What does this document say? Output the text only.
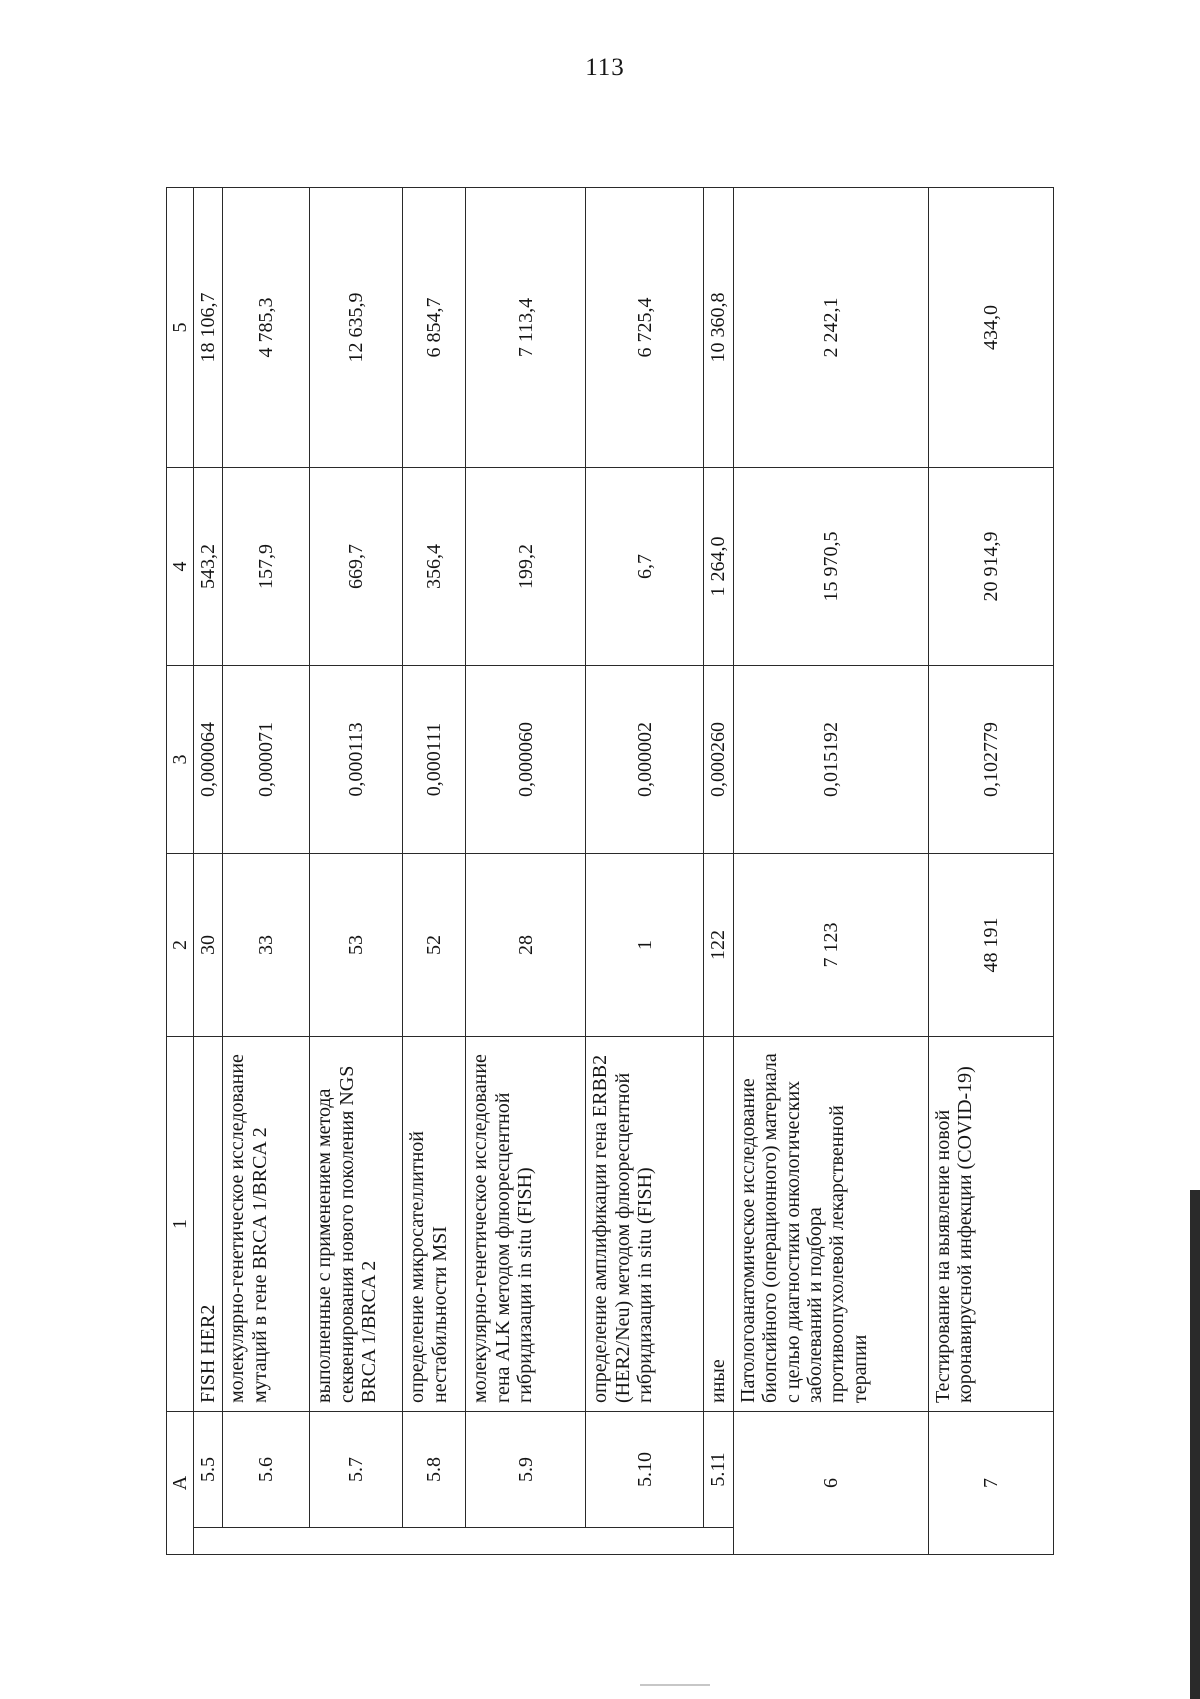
113
А		1	2	3	4	5
	5.5	FISH HER2	30	0,000064	543,2	18 106,7
	5.6	молекулярно-генетическое исследование мутаций в гене BRCA 1/BRCA 2	33	0,000071	157,9	4 785,3
	5.7	выполненные с применением метода секвенирования нового поколения NGS BRCA 1/BRCA 2	53	0,000113	669,7	12 635,9
	5.8	определение микросателлитной нестабильности MSI	52	0,000111	356,4	6 854,7
	5.9	молекулярно-генетическое исследование гена ALK методом флюоресцентной гибридизации in situ (FISH)	28	0,000060	199,2	7 113,4
	5.10	определение амплификации гена ERBB2 (HER2/Neu) методом флюоресцентной гибридизации in situ (FISH)	1	0,000002	6,7	6 725,4
	5.11	иные	122	0,000260	1 264,0	10 360,8
6		Патологоанатомическое исследование биопсийного (операционного) материала с целью диагностики онкологических заболеваний и подбора противоопухолевой лекарственной терапии	7 123	0,015192	15 970,5	2 242,1
7		Тестирование на выявление новой коронавирусной инфекции (COVID-19)	48 191	0,102779	20 914,9	434,0
